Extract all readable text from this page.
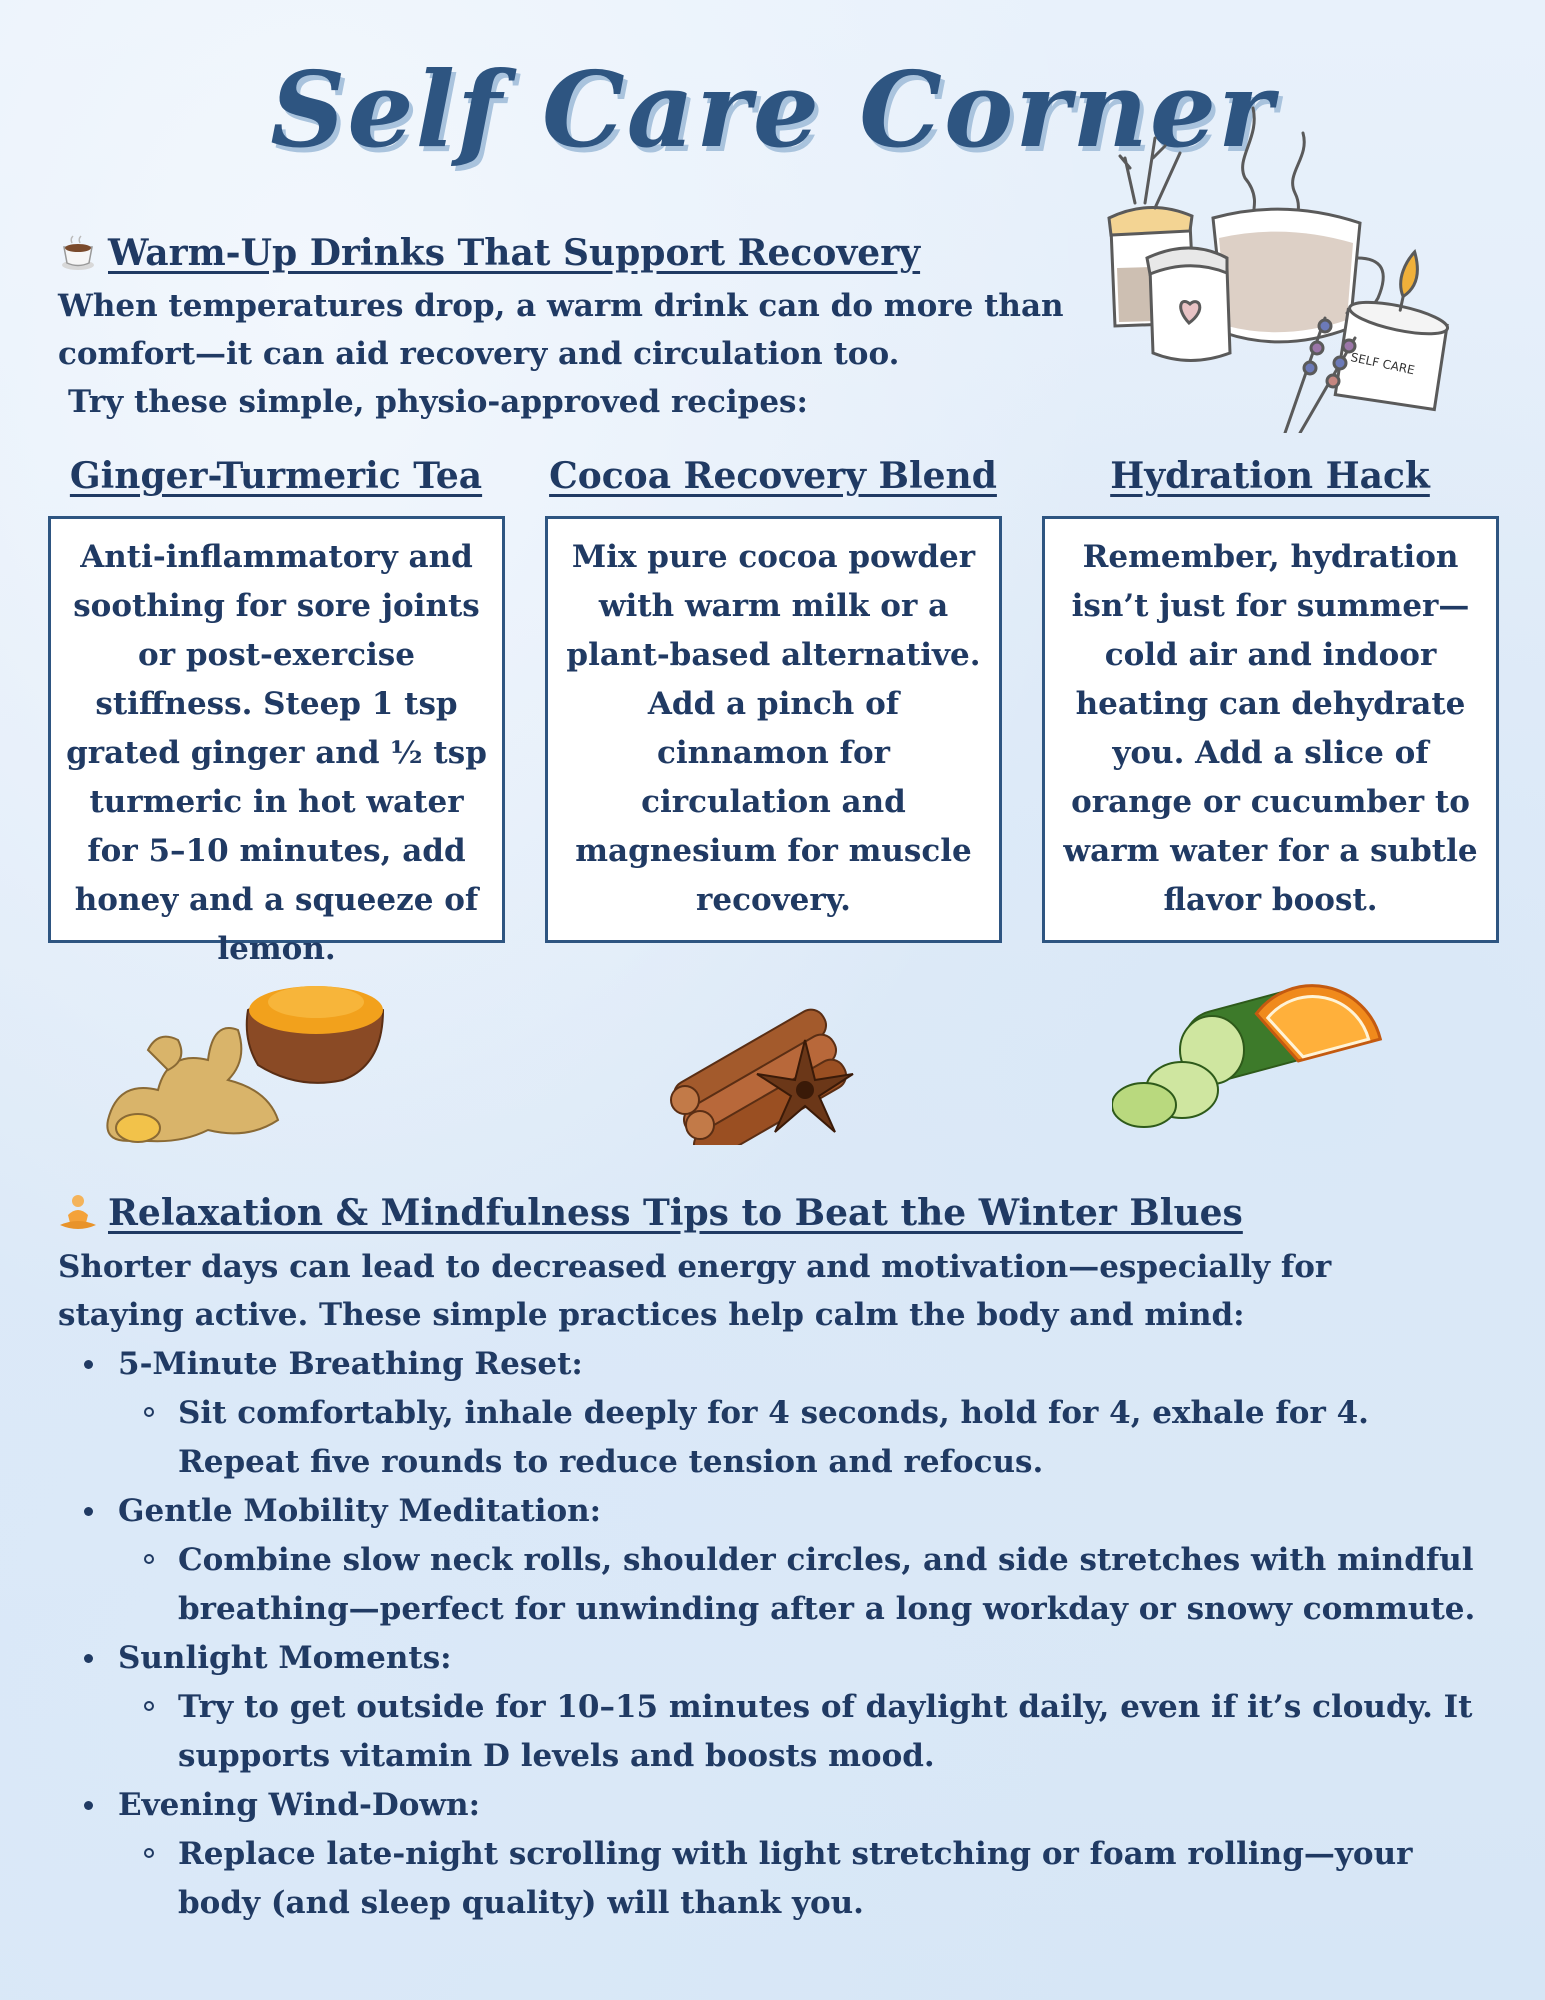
Self Care Corner
SELF CARE
Warm-Up Drinks That Support Recovery
When temperatures drop, a warm drink can do more than
comfort—it can aid recovery and circulation too.
Try these simple, physio-approved recipes:
Ginger-Turmeric Tea	Cocoa Recovery Blend	Hydration Hack
Anti-inflammatory and soothing for sore joints or post-exercise stiffness. Steep 1 tsp grated ginger and ½ tsp turmeric in hot water for 5–10 minutes, add honey and a squeeze of lemon.
Mix pure cocoa powder with warm milk or a plant-based alternative. Add a pinch of cinnamon for circulation and magnesium for muscle recovery.
Remember, hydration isn’t just for summer—cold air and indoor heating can dehydrate you. Add a slice of orange or cucumber to warm water for a subtle flavor boost.
Relaxation & Mindfulness Tips to Beat the Winter Blues
Shorter days can lead to decreased energy and motivation—especially for staying active. These simple practices help calm the body and mind:
5-Minute Breathing Reset:
Sit comfortably, inhale deeply for 4 seconds, hold for 4, exhale for 4. Repeat five rounds to reduce tension and refocus.
Gentle Mobility Meditation:
Combine slow neck rolls, shoulder circles, and side stretches with mindful breathing—perfect for unwinding after a long workday or snowy commute.
Sunlight Moments:
Try to get outside for 10–15 minutes of daylight daily, even if it’s cloudy. It supports vitamin D levels and boosts mood.
Evening Wind-Down:
Replace late-night scrolling with light stretching or foam rolling—your body (and sleep quality) will thank you.
